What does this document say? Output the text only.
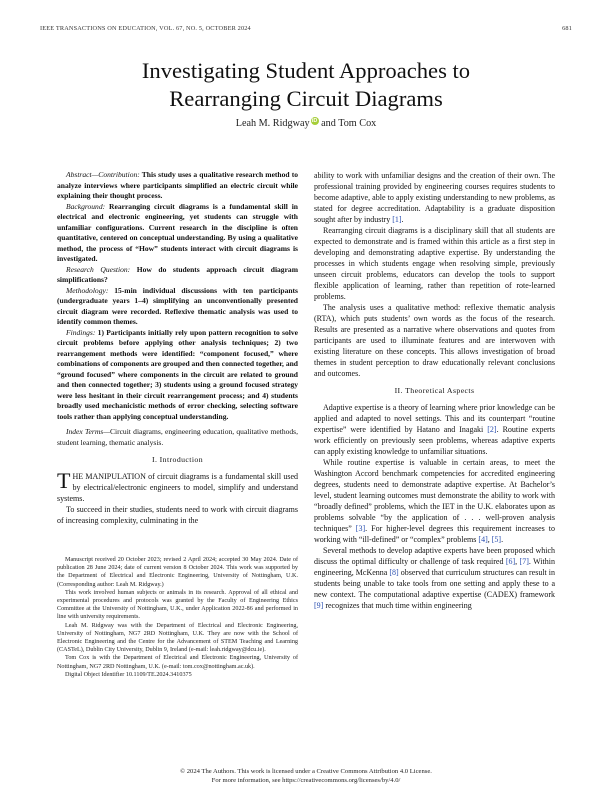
IEEE TRANSACTIONS ON EDUCATION, VOL. 67, NO. 5, OCTOBER 2024	681
Investigating Student Approaches to
Rearranging Circuit Diagrams
Leah M. Ridgway iD and Tom Cox

Abstract—Contribution: This study uses a qualitative research method to analyze interviews where participants simplified an electric circuit while explaining their thought process.

Background: Rearranging circuit diagrams is a fundamental skill in electrical and electronic engineering, yet students can struggle with unfamiliar configurations. Current research in the discipline is often quantitative, centered on conceptual understanding. By using a qualitative method, the process of “How” students interact with circuit diagrams is investigated.

Research Question: How do students approach circuit diagram simplifications?

Methodology: 15-min individual discussions with ten participants (undergraduate years 1–4) simplifying an unconventionally presented circuit diagram were recorded. Reflexive thematic analysis was used to identify common themes.

Findings: 1) Participants initially rely upon pattern recognition to solve circuit problems before applying other analysis techniques; 2) two rearrangement methods were identified: “component focused,” where combinations of components are grouped and then connected together, and “ground focused” where components in the circuit are related to ground and then connected together; 3) students using a ground focused strategy were less hesitant in their circuit rearrangement process; and 4) students broadly used mechanicistic methods of error checking, selecting software tools rather than applying conceptual understanding.

Index Terms—Circuit diagrams, engineering education, qualitative methods, student learning, thematic analysis.

I. Introduction

THE MANIPULATION of circuit diagrams is a fundamental skill used by electrical/electronic engineers to model, simplify and understand systems.

To succeed in their studies, students need to work with circuit diagrams of increasing complexity, culminating in the

Manuscript received 20 October 2023; revised 2 April 2024; accepted 30 May 2024. Date of publication 28 June 2024; date of current version 8 October 2024. This work was supported by the Department of Electrical and Electronic Engineering, University of Nottingham, U.K. (Corresponding author: Leah M. Ridgway.)

This work involved human subjects or animals in its research. Approval of all ethical and experimental procedures and protocols was granted by the Faculty of Engineering Ethics Committee at the University of Nottingham, U.K., under Application 2022-86 and performed in line with university requirements.

Leah M. Ridgway was with the Department of Electrical and Electronic Engineering, University of Nottingham, NG7 2RD Nottingham, U.K. They are now with the School of Electronic Engineering and the Centre for the Advancement of STEM Teaching and Learning (CASTeL), Dublin City University, Dublin 9, Ireland (e-mail: leah.ridgway@dcu.ie).

Tom Cox is with the Department of Electrical and Electronic Engineering, University of Nottingham, NG7 2RD Nottingham, U.K. (e-mail: tom.cox@nottingham.ac.uk).

Digital Object Identifier 10.1109/TE.2024.3410375

ability to work with unfamiliar designs and the creation of their own. The professional training provided by engineering courses requires students to become adaptive, able to apply existing understanding to new problems, as stated for degree accreditation. Adaptability is a graduate disposition sought after by industry [1].

Rearranging circuit diagrams is a disciplinary skill that all students are expected to demonstrate and is framed within this article as a first step in developing and demonstrating adaptive expertise. By understanding the processes in which students engage when resolving simple, previously unseen circuit problems, educators can develop the tools to support flexible application of learning, rather than repetition of rote-learned problems.

The analysis uses a qualitative method: reflexive thematic analysis (RTA), which puts students’ own words as the focus of the research. Results are presented as a narrative where observations and quotes from participants are used to illuminate features and are interwoven with existing literature on these concepts. This allows investigation of broad themes in student perception to draw educationally relevant conclusions and outcomes.

II. Theoretical Aspects

Adaptive expertise is a theory of learning where prior knowledge can be applied and adapted to novel settings. This and its counterpart “routine expertise” were identified by Hatano and Inagaki [2]. Routine experts work efficiently on previously seen problems, whereas adaptive experts can apply existing knowledge to unfamiliar situations.

While routine expertise is valuable in certain areas, to meet the Washington Accord benchmark competencies for accredited engineering degrees, students need to demonstrate adaptive expertise. At Bachelor’s level, student learning outcomes must demonstrate the ability to work with “broadly defined” problems, which the IET in the U.K. elaborates upon as problems solvable “by the application of . . . well-proven analysis techniques” [3]. For higher-level degrees this requirement increases to working with “ill-defined” or “complex” problems [4], [5].

Several methods to develop adaptive experts have been proposed which discuss the optimal difficulty or challenge of task required [6], [7]. Within engineering, McKenna [8] observed that curriculum structures can result in students being unable to take tools from one setting and apply these to a new context. The computational adaptive expertise (CADEX) framework [9] recognizes that much time within engineering

© 2024 The Authors. This work is licensed under a Creative Commons Attribution 4.0 License.
For more information, see https://creativecommons.org/licenses/by/4.0/
